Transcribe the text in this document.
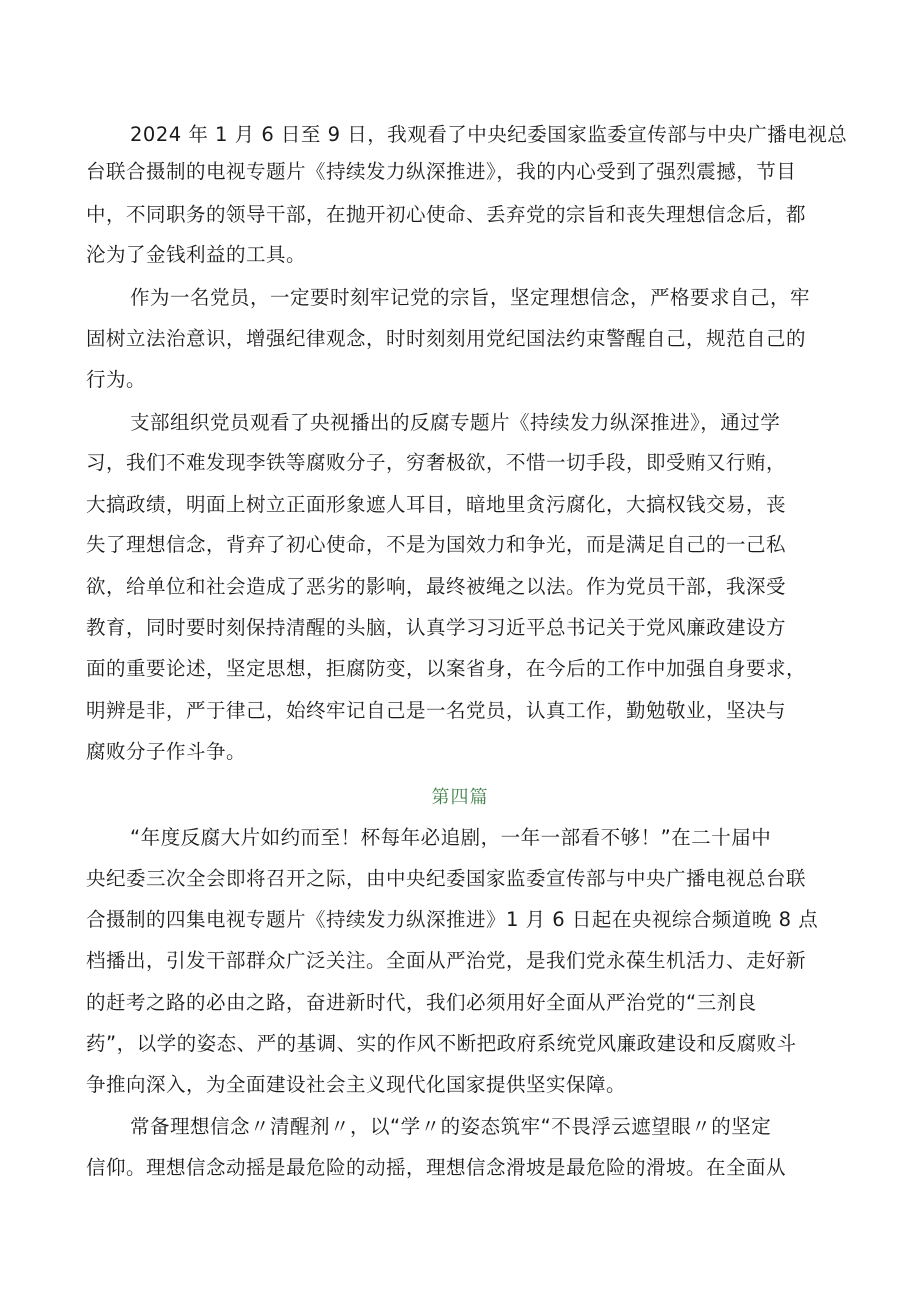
2024 年 1 月 6 日至 9 日，我观看了中央纪委国家监委宣传部与中央广播电视总
台联合摄制的电视专题片《持续发力纵深推进》，我的内心受到了强烈震撼，节目
中，不同职务的领导干部，在抛开初心使命、丢弃党的宗旨和丧失理想信念后，都
沦为了金钱利益的工具。
作为一名党员，一定要时刻牢记党的宗旨，坚定理想信念，严格要求自己，牢
固树立法治意识，增强纪律观念，时时刻刻用党纪国法约束警醒自己，规范自己的
行为。
支部组织党员观看了央视播出的反腐专题片《持续发力纵深推进》，通过学
习，我们不难发现李铁等腐败分子，穷奢极欲，不惜一切手段，即受贿又行贿，
大搞政绩，明面上树立正面形象遮人耳目，暗地里贪污腐化，大搞权钱交易，丧
失了理想信念，背弃了初心使命，不是为国效力和争光，而是满足自己的一己私
欲，给单位和社会造成了恶劣的影响，最终被绳之以法。作为党员干部，我深受
教育，同时要时刻保持清醒的头脑，认真学习习近平总书记关于党风廉政建设方
面的重要论述，坚定思想，拒腐防变，以案省身，在今后的工作中加强自身要求，
明辨是非，严于律己，始终牢记自己是一名党员，认真工作，勤勉敬业，坚决与
腐败分子作斗争。
第四篇
“年度反腐大片如约而至！杯每年必追剧，一年一部看不够！”在二十届中
央纪委三次全会即将召开之际，由中央纪委国家监委宣传部与中央广播电视总台联
合摄制的四集电视专题片《持续发力纵深推进》1 月 6 日起在央视综合频道晚 8 点
档播出，引发干部群众广泛关注。全面从严治党，是我们党永葆生机活力、走好新
的赶考之路的必由之路，奋进新时代，我们必须用好全面从严治党的“三剂良
药”，以学的姿态、严的基调、实的作风不断把政府系统党风廉政建设和反腐败斗
争推向深入，为全面建设社会主义现代化国家提供坚实保障。
常备理想信念〃清醒剂〃，以“学〃的姿态筑牢“不畏浮云遮望眼〃的坚定
信仰。理想信念动摇是最危险的动摇，理想信念滑坡是最危险的滑坡。在全面从
